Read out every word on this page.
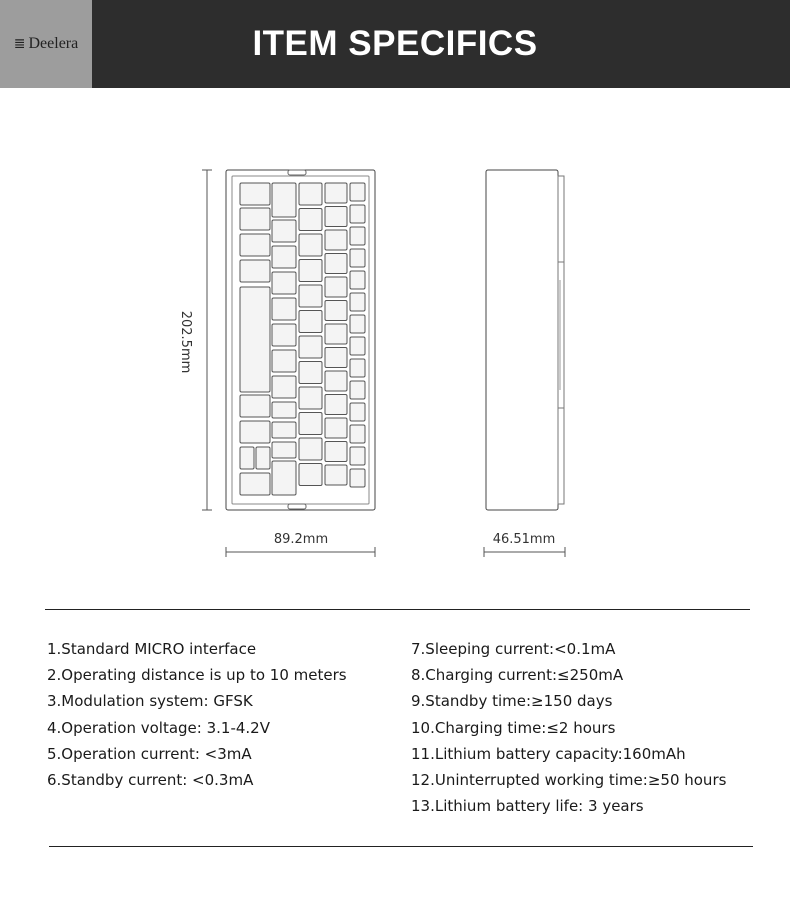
≣ Deelera	ITEM SPECIFICS
202.5mm
89.2mm	46.51mm
1.Standard MICRO interface
2.Operating distance is up to 10 meters
3.Modulation system: GFSK
4.Operation voltage: 3.1-4.2V
5.Operation current: <3mA
6.Standby current: <0.3mA
7.Sleeping current:<0.1mA
8.Charging current:≤250mA
9.Standby time:≥150 days
10.Charging time:≤2 hours
11.Lithium battery capacity:160mAh
12.Uninterrupted working time:≥50 hours
13.Lithium battery life: 3 years
